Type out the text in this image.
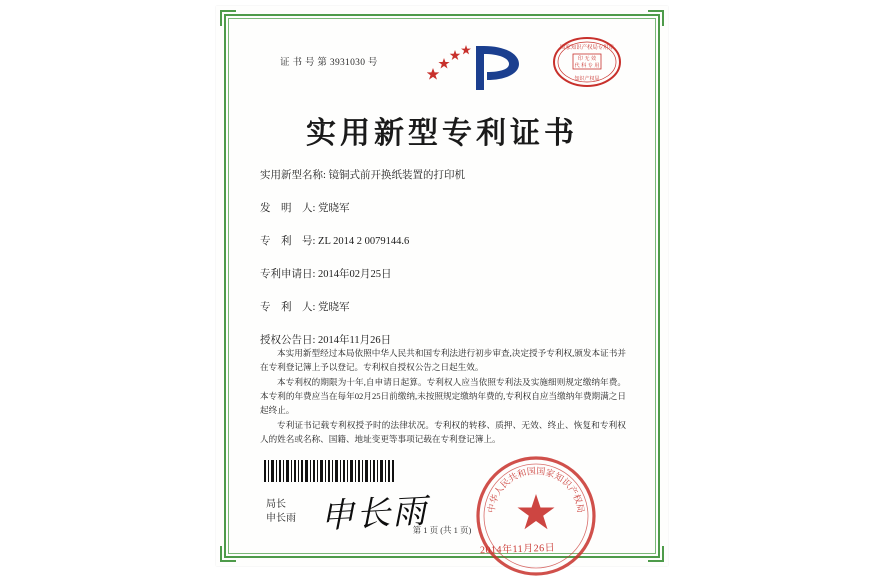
证 书 号 第 3931030 号
国家知识产权局专用章
印 无 效
代 科 专 用
知识产权局
实用新型专利证书
实用新型名称: 镜铜式前开换纸装置的打印机
发　明　人: 党晓军
专　利　号: ZL 2014 2 0079144.6
专利申请日: 2014年02月25日
专　利　人: 党晓军
授权公告日: 2014年11月26日

本实用新型经过本局依照中华人民共和国专利法进行初步审查,决定授予专利权,颁发本证书并在专利登记簿上予以登记。专利权自授权公告之日起生效。

本专利权的期限为十年,自申请日起算。专利权人应当依照专利法及实施细则规定缴纳年费。本专利的年费应当在每年02月25日前缴纳,未按照规定缴纳年费的,专利权自应当缴纳年费期满之日起终止。

专利证书记载专利权授予时的法律状况。专利权的转移、质押、无效、终止、恢复和专利权人的姓名或名称、国籍、地址变更等事项记载在专利登记簿上。

局长
申长雨 申长雨	中华人民共和国国家知识产权局
2014年11月26日
第 1 页 (共 1 页)
